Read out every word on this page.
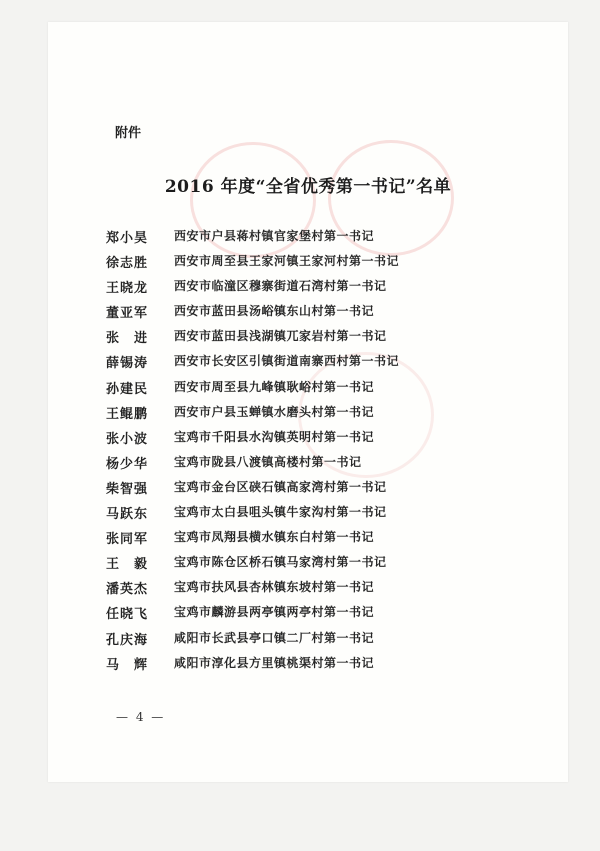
附件
2016 年度“全省优秀第一书记”名单
郑小昊	西安市户县蒋村镇官家堡村第一书记
徐志胜	西安市周至县王家河镇王家河村第一书记
王晓龙	西安市临潼区穆寨街道石湾村第一书记
董亚军	西安市蓝田县汤峪镇东山村第一书记
张　进	西安市蓝田县浅湖镇兀家岩村第一书记
薛锡涛	西安市长安区引镇街道南寨西村第一书记
孙建民	西安市周至县九峰镇耿峪村第一书记
王鲲鹏	西安市户县玉蝉镇水磨头村第一书记
张小波	宝鸡市千阳县水沟镇英明村第一书记
杨少华	宝鸡市陇县八渡镇高楼村第一书记
柴智强	宝鸡市金台区硖石镇高家湾村第一书记
马跃东	宝鸡市太白县咀头镇牛家沟村第一书记
张同军	宝鸡市凤翔县横水镇东白村第一书记
王　毅	宝鸡市陈仓区桥石镇马家湾村第一书记
潘英杰	宝鸡市扶风县杏林镇东坡村第一书记
任晓飞	宝鸡市麟游县两亭镇两亭村第一书记
孔庆海	咸阳市长武县亭口镇二厂村第一书记
马　辉	咸阳市淳化县方里镇桃渠村第一书记
— 4 —
